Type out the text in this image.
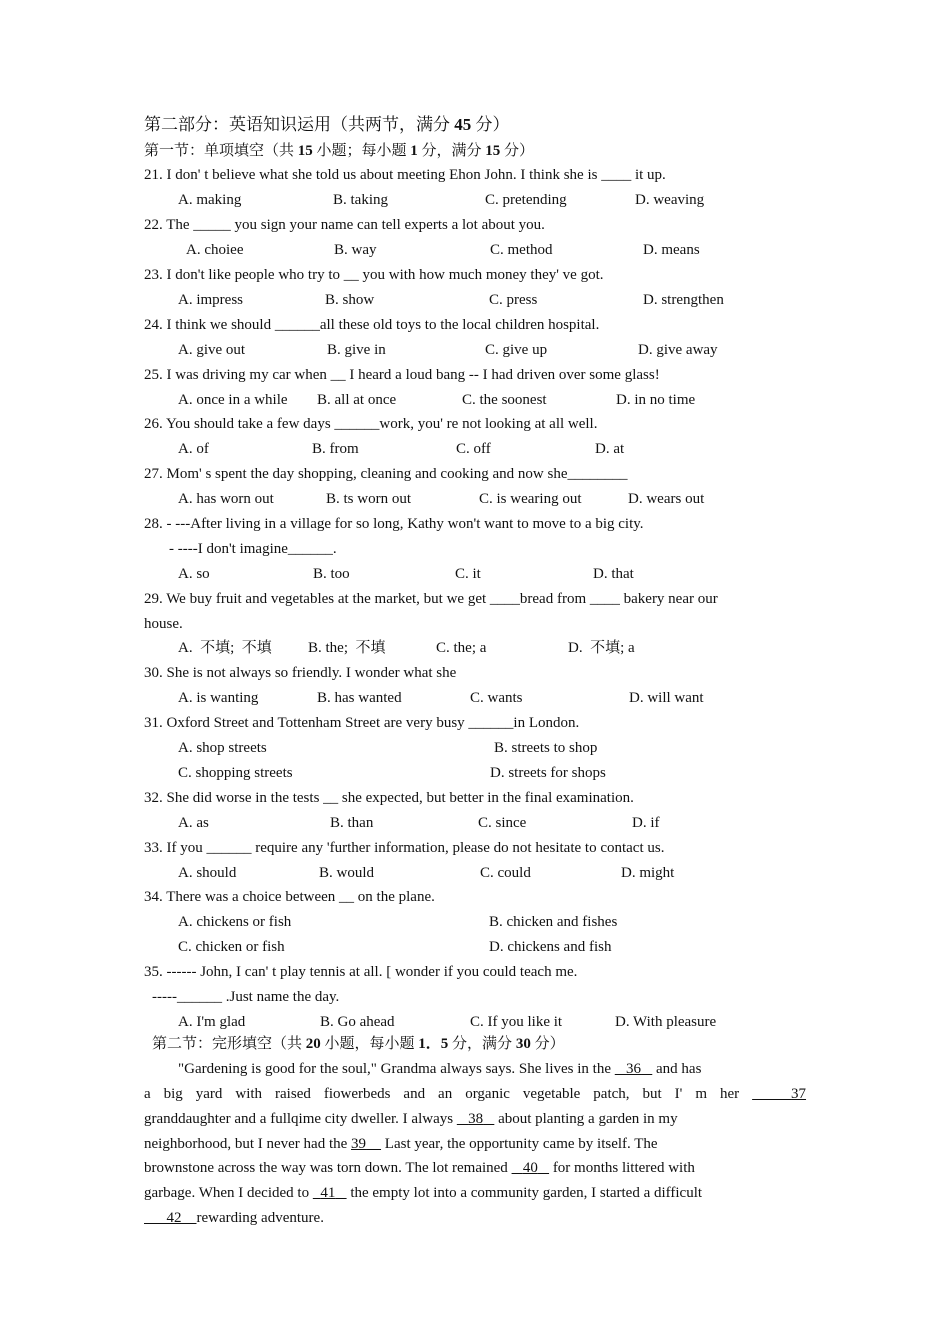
第二部分：英语知识运用（共两节，满分 45 分）
第一节：单项填空（共 15 小题；每小题 1 分，满分 15 分）
21. I don' t believe what she told us about meeting Ehon John. I think she is ____ it up.
A. making	B. taking	C. pretending	D. weaving
22. The _____ you sign your name can tell experts a lot about you.
A. choiee	B. way	C. method	D. means
23. I don't like people who try to __ you with how much money they' ve got.
A. impress	B. show	C. press	D. strengthen
24. I think we should ______all these old toys to the local children hospital.
A. give out	B. give in	C. give up	D. give away
25. I was driving my car when __ I heard a loud bang -- I had driven over some glass!
A. once in a while B. all at once	C. the soonest	D. in no time
26. You should take a few days ______work, you' re not looking at all well.
A. of	B. from	C. off	D. at
27. Mom' s spent the day shopping, cleaning and cooking and now she________
A. has worn out	B. ts worn out	C. is wearing out	D. wears out
28. - ---After living in a village for so long, Kathy won't want to move to a big city.
- ----I don't imagine______.
A. so	B. too	C. it	D. that
29. We buy fruit and vegetables at the market, but we get ____bread from ____ bakery near our
house.
A.  不填;  不填 B. the;  不填	C. the; a	D.  不填; a
30. She is not always so friendly. I wonder what she
A. is wanting	B. has wanted	C. wants	D. will want
31. Oxford Street and Tottenham Street are very busy ______in London.
A. shop streets	B. streets to shop
C. shopping streets	D. streets for shops
32. She did worse in the tests __ she expected, but better in the final examination.
A. as	B. than	C. since	D. if
33. If you ______ require any 'further information, please do not hesitate to contact us.
A. should	B. would	C. could	D. might
34. There was a choice between __ on the plane.
A. chickens or fish	B. chicken and fishes
C. chicken or fish	D. chickens and fish
35. ------ John, I can' t play tennis at all. [ wonder if you could teach me.
-----______ .Just name the day.
A. I'm glad	B. Go ahead	C. If you like it	D. With pleasure
第二节：完形填空（共 20 小题，每小题 1．5 分，满分 30 分）
"Gardening is good for the soul," Grandma always says. She lives in the    36    and has
a big yard with raised fiowerbeds and an organic vegetable patch, but I' m her	37
granddaughter and a fullqime city dweller. I always    38    about planting a garden in my
neighborhood, but I never had the 39     Last year, the opportunity came by itself. The
brownstone across the way was torn down. The lot remained    40    for months littered with
garbage. When I decided to   41    the empty lot into a community garden, I started a difficult
42 rewarding adventure.
